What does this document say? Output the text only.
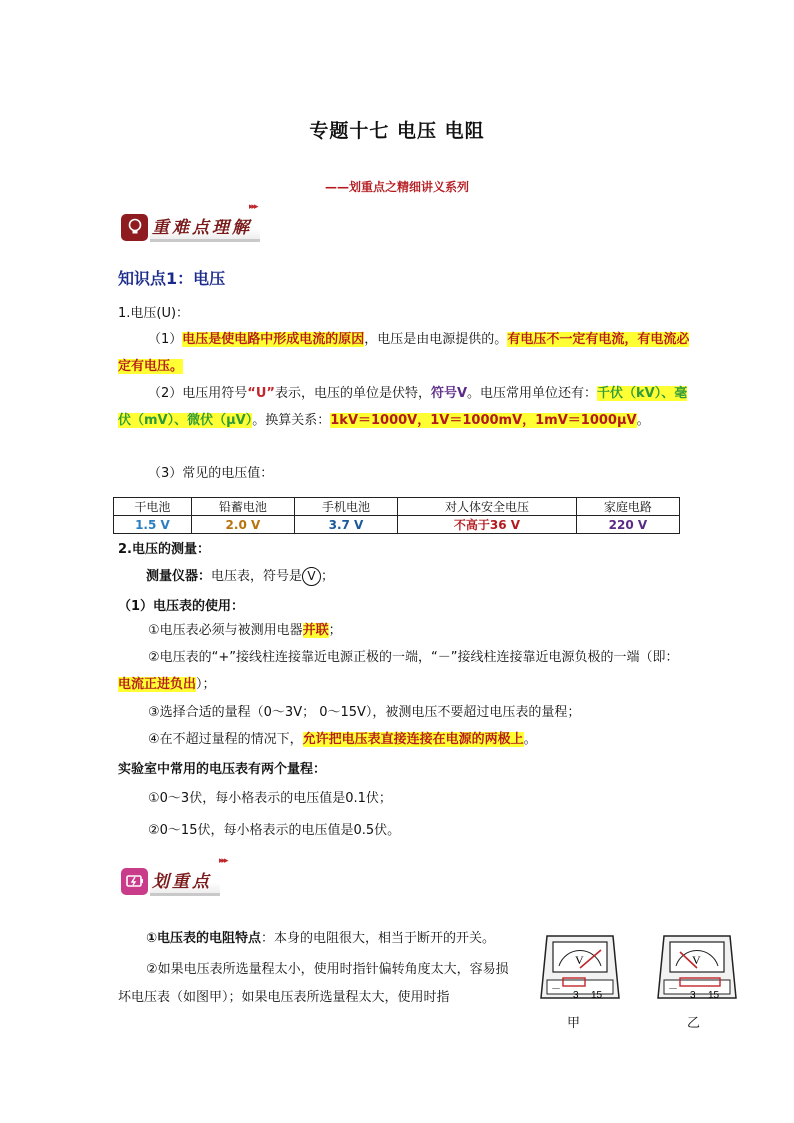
专题十七 电压 电阻
——划重点之精细讲义系列
重难点理解
▸▸▸
知识点1：电压
1.电压(U)：
（1）电压是使电路中形成电流的原因，电压是由电源提供的。有电压不一定有电流，有电流必定有电压。
（2）电压用符号“U”表示，电压的单位是伏特，符号V。电压常用单位还有：千伏（kV）、毫伏（mV）、微伏（μV）。换算关系：1kV＝1000V，1V＝1000mV，1mV＝1000μV。
（3）常见的电压值：
干电池	铅蓄电池	手机电池	对人体安全电压	家庭电路
1.5 V	2.0 V	3.7 V	不高于36 V	220 V
2.电压的测量：
测量仪器：电压表，符号是 V ；
（1）电压表的使用：
①电压表必须与被测用电器并联；
②电压表的“+”接线柱连接靠近电源正极的一端，“－”接线柱连接靠近电源负极的一端（即：电流正进负出）；
③选择合适的量程（0～3V； 0～15V），被测电压不要超过电压表的量程；
④在不超过量程的情况下，允许把电压表直接连接在电源的两极上。
实验室中常用的电压表有两个量程：
①0～3伏，每小格表示的电压值是0.1伏；
②0～15伏，每小格表示的电压值是0.5伏。
划重点
▸▸▸
①电压表的电阻特点：本身的电阻很大，相当于断开的开关。
②如果电压表所选量程太小，使用时指针偏转角度太大，容易损坏电压表（如图甲）；如果电压表所选量程太大，使用时指
V
－
3 15
甲
V
－
3 15
乙
